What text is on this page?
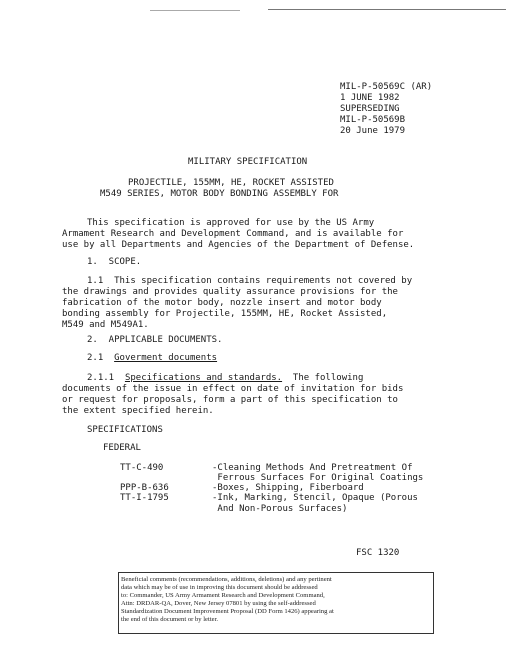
MIL-P-50569C (AR)
1 JUNE 1982
SUPERSEDING
MIL-P-50569B
20 June 1979
MILITARY SPECIFICATION
PROJECTILE, 155MM, HE, ROCKET ASSISTED
M549 SERIES, MOTOR BODY BONDING ASSEMBLY FOR
This specification is approved for use by the US Army
Armament Research and Development Command, and is available for
use by all Departments and Agencies of the Department of Defense.
1.  SCOPE.
1.1  This specification contains requirements not covered by
the drawings and provides quality assurance provisions for the
fabrication of the motor body, nozzle insert and motor body
bonding assembly for Projectile, 155MM, HE, Rocket Assisted,
M549 and M549A1.
2.  APPLICABLE DOCUMENTS.
2.1 Goverment documents
2.1.1 Specifications and standards. The following
documents of the issue in effect on date of invitation for bids
or request for proposals, form a part of this specification to
the extent specified herein.
SPECIFICATIONS
FEDERAL
TT-C-490	-Cleaning Methods And Pretreatment Of
Ferrous Surfaces For Original Coatings
PPP-B-636	-Boxes, Shipping, Fiberboard
TT-I-1795	-Ink, Marking, Stencil, Opaque (Porous
And Non-Porous Surfaces)
FSC 1320
Beneficial comments (recommendations, additions, deletions) and any pertinent
data which may be of use in improving this document should be addressed
to: Commander, US Army Armament Research and Development Command,
Attn: DRDAR-QA, Dover, New Jersey 07801 by using the self-addressed
Standardization Document Improvement Proposal (DD Form 1426) appearing at
the end of this document or by letter.
